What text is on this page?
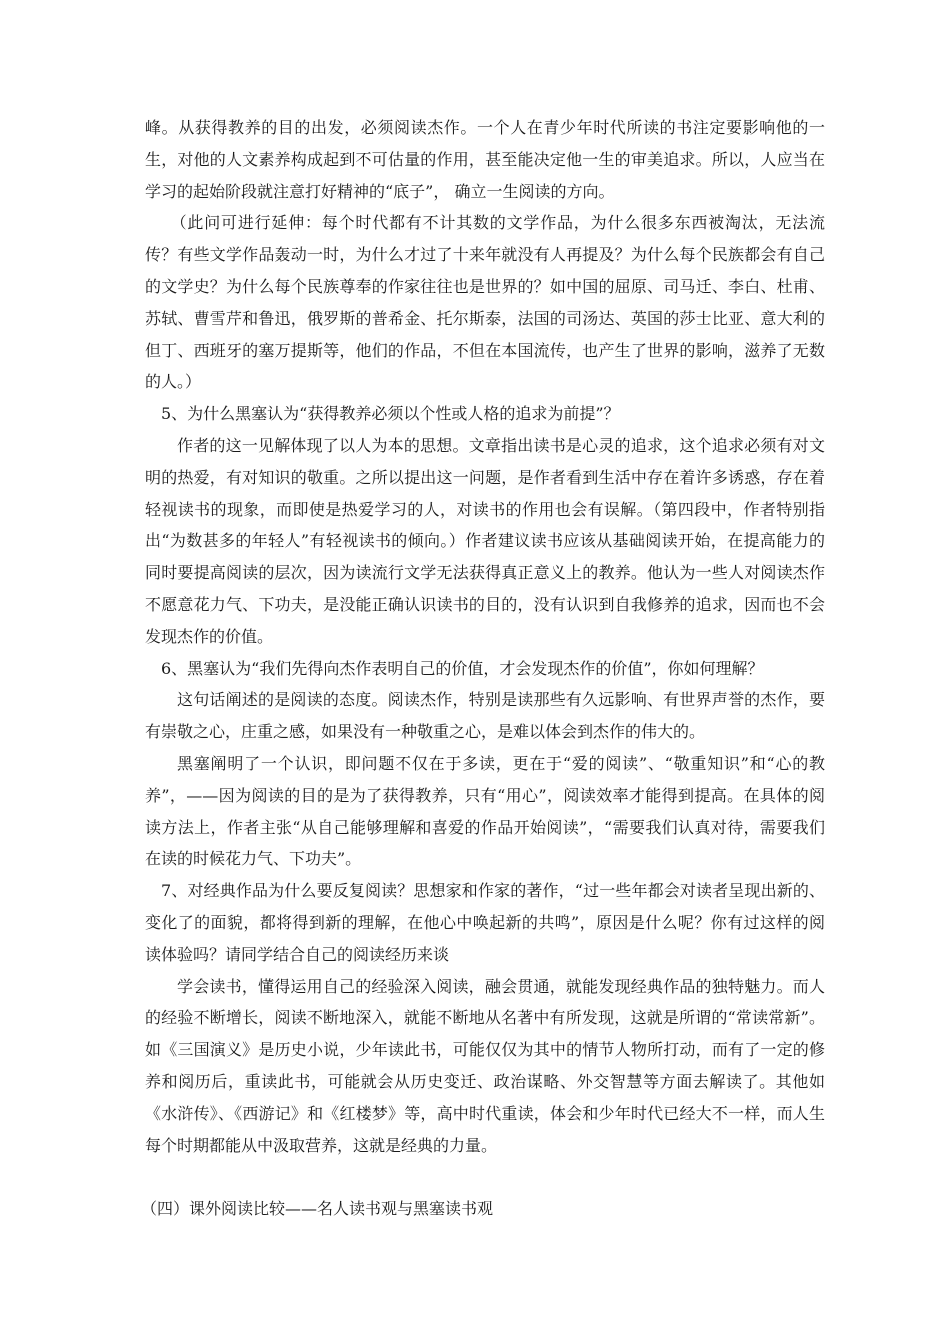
峰。从获得教养的目的出发，必须阅读杰作。一个人在青少年时代所读的书注定要影响他的一生，对他的人文素养构成起到不可估量的作用，甚至能决定他一生的审美追求。所以，人应当在学习的起始阶段就注意打好精神的“底子”， 确立一生阅读的方向。

（此问可进行延伸：每个时代都有不计其数的文学作品，为什么很多东西被淘汰，无法流传？有些文学作品轰动一时，为什么才过了十来年就没有人再提及？为什么每个民族都会有自己的文学史？为什么每个民族尊奉的作家往往也是世界的？如中国的屈原、司马迁、李白、杜甫、苏轼、曹雪芹和鲁迅，俄罗斯的普希金、托尔斯泰，法国的司汤达、英国的莎士比亚、意大利的但丁、西班牙的塞万提斯等，他们的作品，不但在本国流传，也产生了世界的影响，滋养了无数的人。）

5、为什么黑塞认为“获得教养必须以个性或人格的追求为前提”？

作者的这一见解体现了以人为本的思想。文章指出读书是心灵的追求，这个追求必须有对文明的热爱，有对知识的敬重。之所以提出这一问题，是作者看到生活中存在着许多诱惑，存在着轻视读书的现象，而即使是热爱学习的人，对读书的作用也会有误解。（第四段中，作者特别指出“为数甚多的年轻人”有轻视读书的倾向。）作者建议读书应该从基础阅读开始，在提高能力的同时要提高阅读的层次，因为读流行文学无法获得真正意义上的教养。他认为一些人对阅读杰作不愿意花力气、下功夫，是没能正确认识读书的目的，没有认识到自我修养的追求，因而也不会发现杰作的价值。

6、黑塞认为“我们先得向杰作表明自己的价值，才会发现杰作的价值”，你如何理解？

这句话阐述的是阅读的态度。阅读杰作，特别是读那些有久远影响、有世界声誉的杰作，要有崇敬之心，庄重之感，如果没有一种敬重之心，是难以体会到杰作的伟大的。

黑塞阐明了一个认识，即问题不仅在于多读，更在于“爱的阅读”、“敬重知识”和“心的教养”，——因为阅读的目的是为了获得教养，只有“用心”，阅读效率才能得到提高。在具体的阅读方法上，作者主张“从自己能够理解和喜爱的作品开始阅读”，“需要我们认真对待，需要我们在读的时候花力气、下功夫”。

7、对经典作品为什么要反复阅读？思想家和作家的著作，“过一些年都会对读者呈现出新的、变化了的面貌，都将得到新的理解，在他心中唤起新的共鸣”，原因是什么呢？你有过这样的阅读体验吗？请同学结合自己的阅读经历来谈

学会读书，懂得运用自己的经验深入阅读，融会贯通，就能发现经典作品的独特魅力。而人的经验不断增长，阅读不断地深入，就能不断地从名著中有所发现，这就是所谓的“常读常新”。 如《三国演义》是历史小说，少年读此书，可能仅仅为其中的情节人物所打动，而有了一定的修养和阅历后，重读此书，可能就会从历史变迁、政治谋略、外交智慧等方面去解读了。其他如《水浒传》、《西游记》和《红楼梦》等，高中时代重读，体会和少年时代已经大不一样，而人生每个时期都能从中汲取营养，这就是经典的力量。

（四）课外阅读比较——名人读书观与黑塞读书观
